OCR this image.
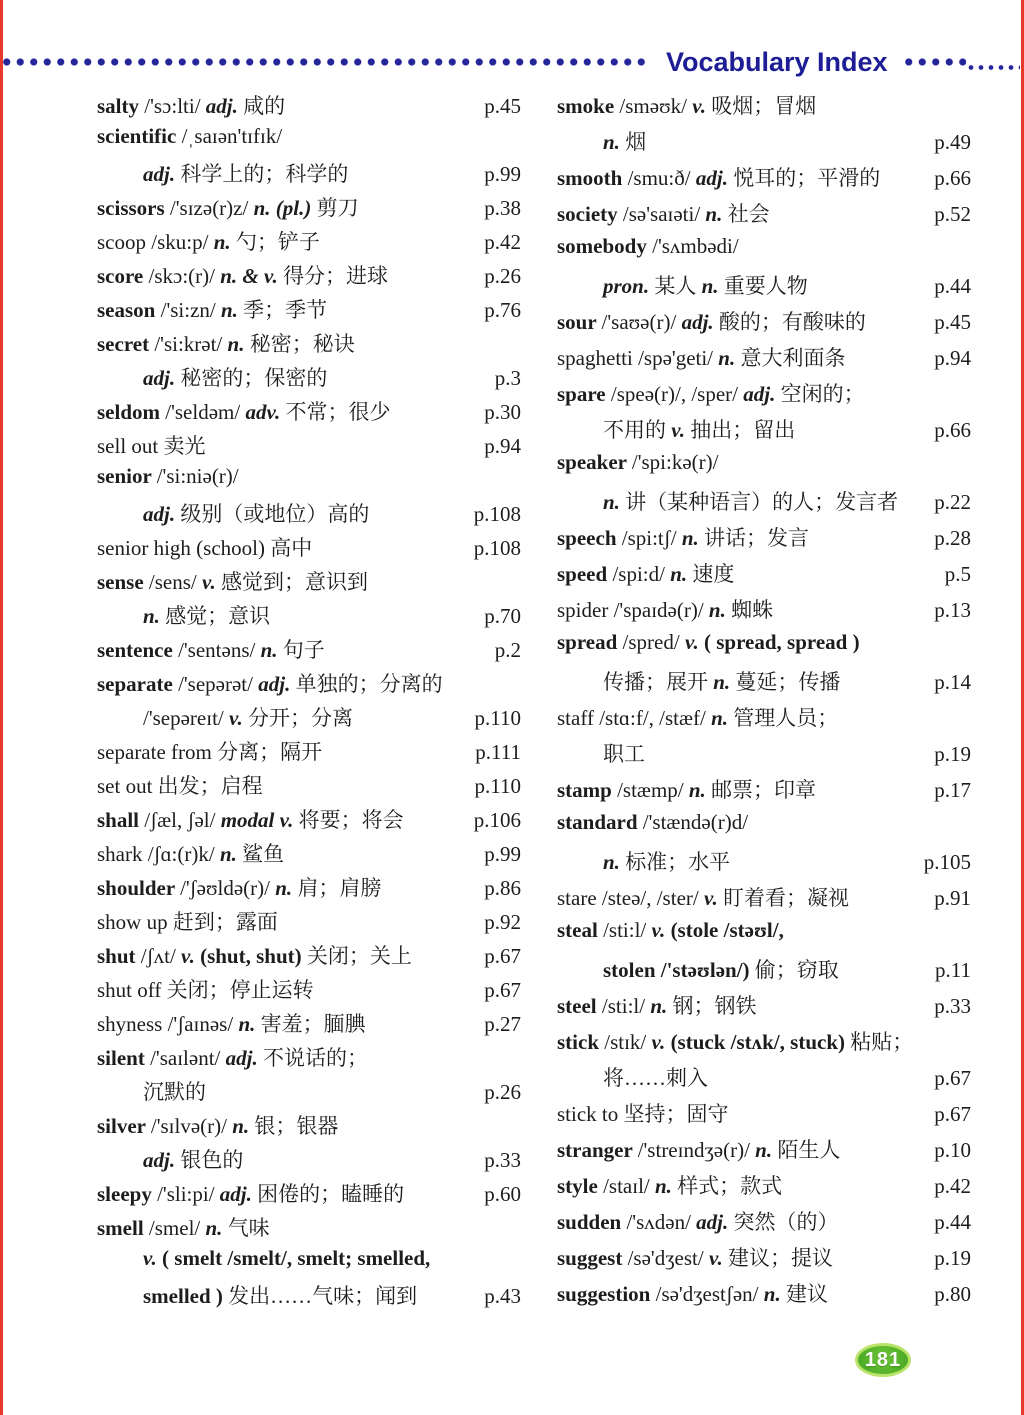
Vocabulary Index
salty /'sɔ:lti/ adj. 咸的	p.45
scientific /ˌsaɪən'tɪfɪk/
adj. 科学上的；科学的	p.99
scissors /'sɪzə(r)z/ n. (pl.) 剪刀	p.38
scoop /sku:p/ n. 勺；铲子	p.42
score /skɔ:(r)/ n. & v. 得分；进球	p.26
season /'si:zn/ n. 季；季节	p.76
secret /'si:krət/ n. 秘密；秘诀
adj. 秘密的；保密的	p.3
seldom /'seldəm/ adv. 不常；很少	p.30
sell out 卖光	p.94
senior /'si:niə(r)/
adj. 级别（或地位）高的	p.108
senior high (school) 高中	p.108
sense /sens/ v. 感觉到；意识到
n. 感觉；意识	p.70
sentence /'sentəns/ n. 句子	p.2
separate /'sepərət/ adj. 单独的；分离的
/'sepəreɪt/ v. 分开；分离	p.110
separate from 分离；隔开	p.111
set out 出发；启程	p.110
shall /ʃæl, ʃəl/ modal v. 将要；将会	p.106
shark /ʃɑ:(r)k/ n. 鲨鱼	p.99
shoulder /'ʃəʊldə(r)/ n. 肩；肩膀	p.86
show up 赶到；露面	p.92
shut /ʃʌt/ v. (shut, shut) 关闭；关上	p.67
shut off 关闭；停止运转	p.67
shyness /'ʃaɪnəs/ n. 害羞；腼腆	p.27
silent /'saɪlənt/ adj. 不说话的；
沉默的	p.26
silver /'sɪlvə(r)/ n. 银；银器
adj. 银色的	p.33
sleepy /'sli:pi/ adj. 困倦的；瞌睡的	p.60
smell /smel/ n. 气味
v. ( smelt /smelt/, smelt; smelled,
smelled ) 发出……气味；闻到	p.43
smoke /sməʊk/ v. 吸烟；冒烟
n. 烟	p.49
smooth /smu:ð/ adj. 悦耳的；平滑的	p.66
society /sə'saɪəti/ n. 社会	p.52
somebody /'sʌmbədi/
pron. 某人 n. 重要人物	p.44
sour /'saʊə(r)/ adj. 酸的；有酸味的	p.45
spaghetti /spə'geti/ n. 意大利面条	p.94
spare /speə(r)/, /sper/ adj. 空闲的；
不用的 v. 抽出；留出	p.66
speaker /'spi:kə(r)/
n. 讲（某种语言）的人；发言者 p.22
speech /spi:tʃ/ n. 讲话；发言	p.28
speed /spi:d/ n. 速度	p.5
spider /'spaɪdə(r)/ n. 蜘蛛	p.13
spread /spred/ v. ( spread, spread )
传播；展开 n. 蔓延；传播	p.14
staff /stɑ:f/, /stæf/ n. 管理人员；
职工	p.19
stamp /stæmp/ n. 邮票；印章	p.17
standard /'stændə(r)d/
n. 标准；水平	p.105
stare /steə/, /ster/ v. 盯着看；凝视	p.91
steal /sti:l/ v. (stole /stəʊl/,
stolen /'stəʊlən/) 偷；窃取	p.11
steel /sti:l/ n. 钢；钢铁	p.33
stick /stɪk/ v. (stuck /stʌk/, stuck) 粘贴；
将……刺入	p.67
stick to 坚持；固守	p.67
stranger /'streɪndʒə(r)/ n. 陌生人	p.10
style /staɪl/ n. 样式；款式	p.42
sudden /'sʌdən/ adj. 突然（的）	p.44
suggest /sə'dʒest/ v. 建议；提议	p.19
suggestion /sə'dʒestʃən/ n. 建议	p.80
181
